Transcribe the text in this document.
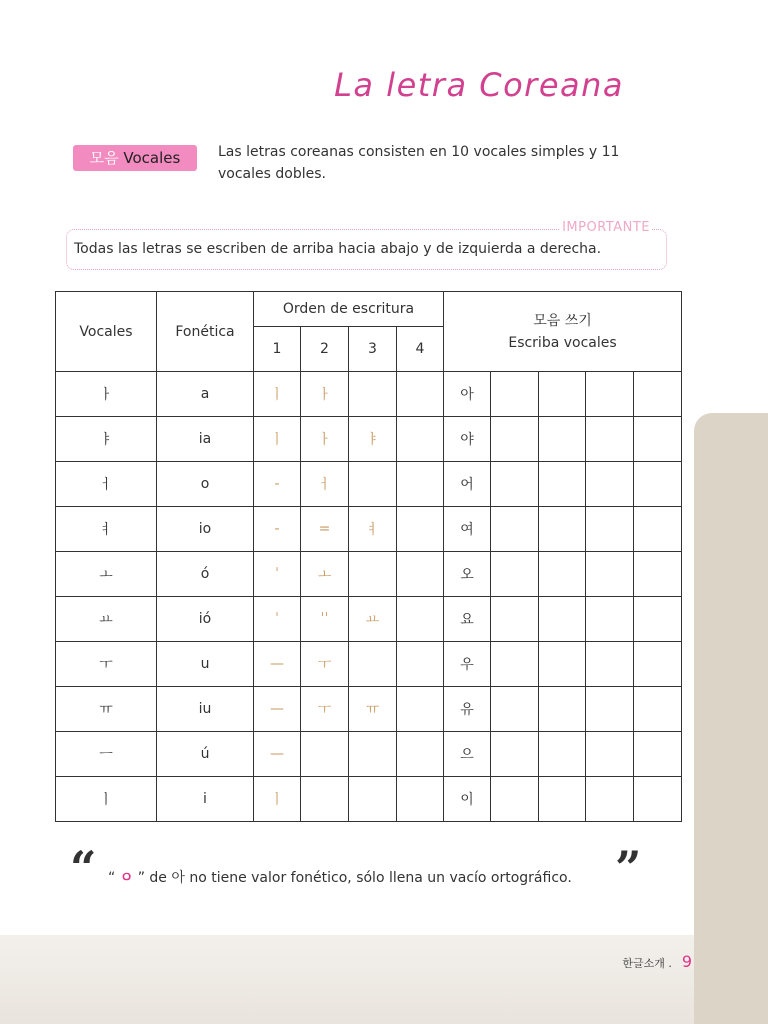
La letra Coreana
모음 Vocales	Las letras coreanas consisten en 10 vocales simples y 11 vocales dobles.
IMPORTANTE
Todas las letras se escriben de arriba hacia abajo y de izquierda a derecha.
Vocales	Fonética	Orden de escritura				모음 쓰기
Escriba vocales				

		1	2	3	4					
ㅏ	a	ㅣ	ㅏ			아				
ㅑ	ia	ㅣ	ㅏ	ㅑ		야				
ㅓ	o	-	ㅓ			어				
ㅕ	io	-	=	ㅕ		여				
ㅗ	ó	ˈ	ㅗ			오				
ㅛ	ió	ˈ	ˈˈ	ㅛ		요				
ㅜ	u	—	ㅜ			우				
ㅠ	iu	—	ㅜ	ㅠ		유				
ㅡ	ú	—				으				
ㅣ	i	ㅣ				이				
“ “ ㅇ ” de 아 no tiene valor fonético, sólo llena un vacío ortográfico. ”
한글소개 . 9
